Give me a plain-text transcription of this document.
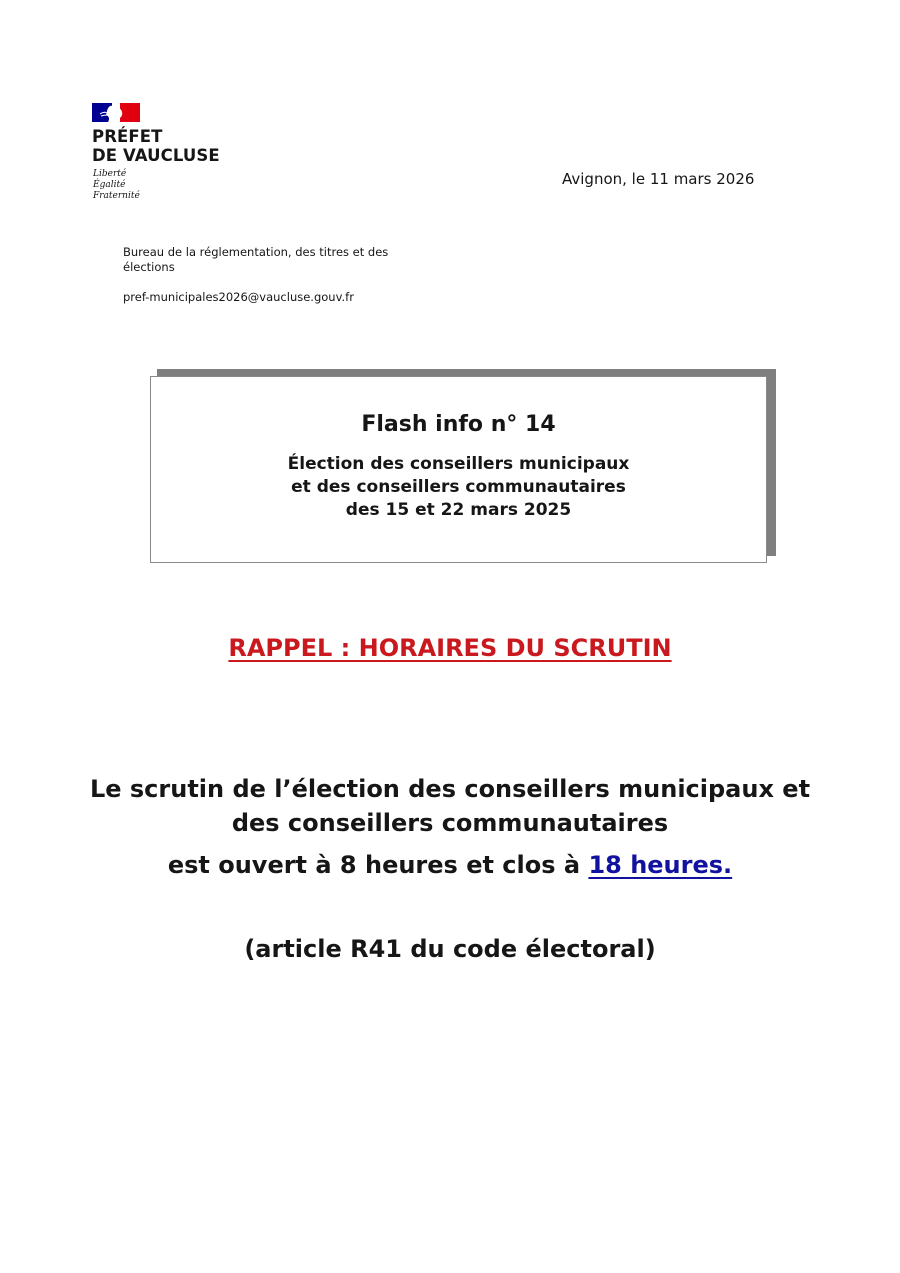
PRÉFET
DE VAUCLUSE
Liberté
Égalité
Fraternité
Avignon, le 11 mars 2026
Bureau de la réglementation, des titres et des élections
pref-municipales2026@vaucluse.gouv.fr
Flash info n° 14
Élection des conseillers municipaux
et des conseillers communautaires
des 15 et 22 mars 2025
RAPPEL : HORAIRES DU SCRUTIN
Le scrutin de l’élection des conseillers municipaux et
des conseillers communautaires
est ouvert à 8 heures et clos à 18 heures.
(article R41 du code électoral)
